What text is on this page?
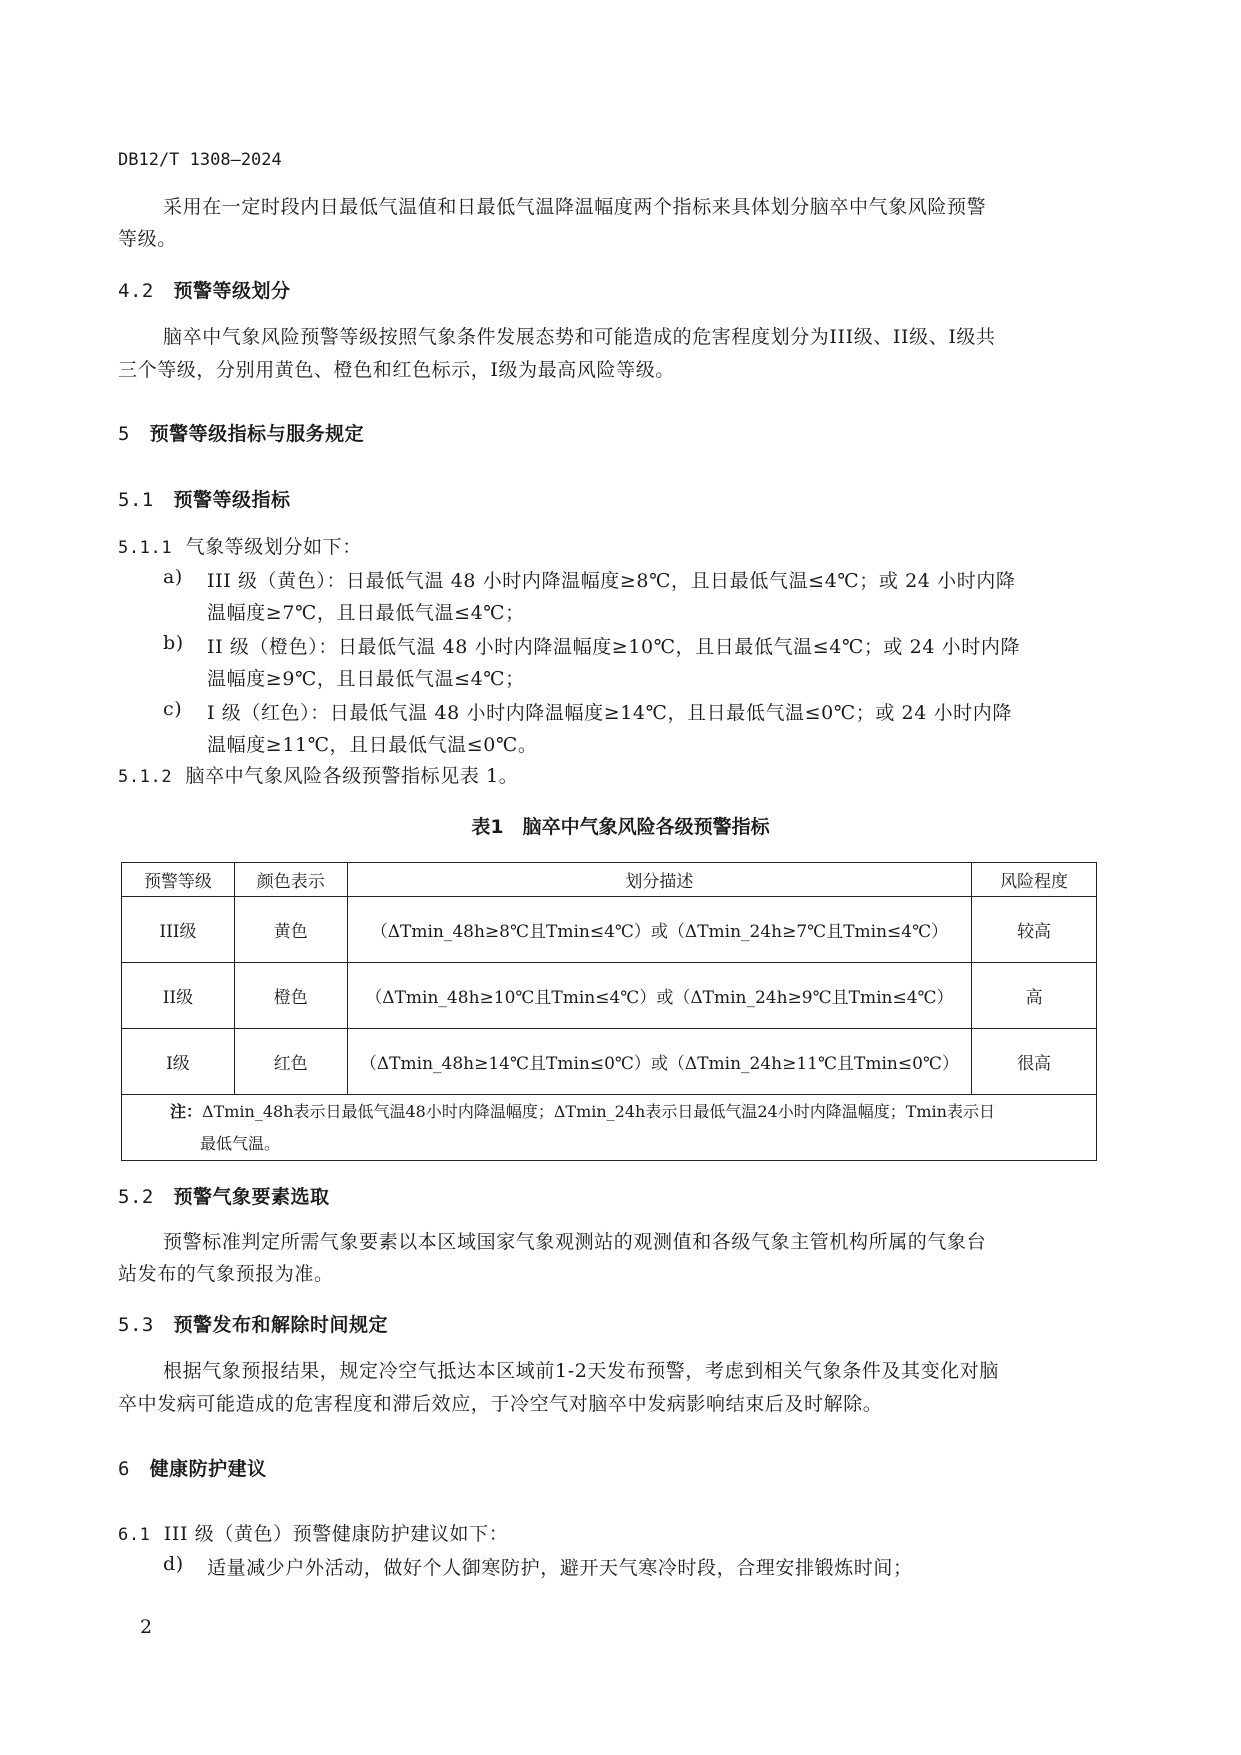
DB12/T 1308—2024
采用在一定时段内日最低气温值和日最低气温降温幅度两个指标来具体划分脑卒中气象风险预警
等级。
4.2 预警等级划分
脑卒中气象风险预警等级按照气象条件发展态势和可能造成的危害程度划分为III级、II级、I级共
三个等级，分别用黄色、橙色和红色标示，I级为最高风险等级。
5 预警等级指标与服务规定
5.1 预警等级指标
5.1.1 气象等级划分如下：
a) III 级（黄色）：日最低气温 48 小时内降温幅度≥8℃，且日最低气温≤4℃；或 24 小时内降
温幅度≥7℃，且日最低气温≤4℃；
b) II 级（橙色）：日最低气温 48 小时内降温幅度≥10℃，且日最低气温≤4℃；或 24 小时内降
温幅度≥9℃，且日最低气温≤4℃；
c) I 级（红色）：日最低气温 48 小时内降温幅度≥14℃，且日最低气温≤0℃；或 24 小时内降
温幅度≥11℃，且日最低气温≤0℃。
5.1.2 脑卒中气象风险各级预警指标见表 1。
表1　脑卒中气象风险各级预警指标
预警等级	颜色表示	划分描述	风险程度
III级	黄色	（ΔTmin_48h≥8℃且Tmin≤4℃）或（ΔTmin_24h≥7℃且Tmin≤4℃）	较高
II级	橙色	（ΔTmin_48h≥10℃且Tmin≤4℃）或（ΔTmin_24h≥9℃且Tmin≤4℃）	高
I级	红色	（ΔTmin_48h≥14℃且Tmin≤0℃）或（ΔTmin_24h≥11℃且Tmin≤0℃）	很高
注：ΔTmin_48h表示日最低气温48小时内降温幅度；ΔTmin_24h表示日最低气温24小时内降温幅度；Tmin表示日
最低气温。			
5.2 预警气象要素选取
预警标准判定所需气象要素以本区域国家气象观测站的观测值和各级气象主管机构所属的气象台
站发布的气象预报为准。
5.3 预警发布和解除时间规定
根据气象预报结果，规定冷空气抵达本区域前1-2天发布预警，考虑到相关气象条件及其变化对脑
卒中发病可能造成的危害程度和滞后效应，于冷空气对脑卒中发病影响结束后及时解除。
6 健康防护建议
6.1 III 级（黄色）预警健康防护建议如下：
d) 适量减少户外活动，做好个人御寒防护，避开天气寒冷时段，合理安排锻炼时间；
2
